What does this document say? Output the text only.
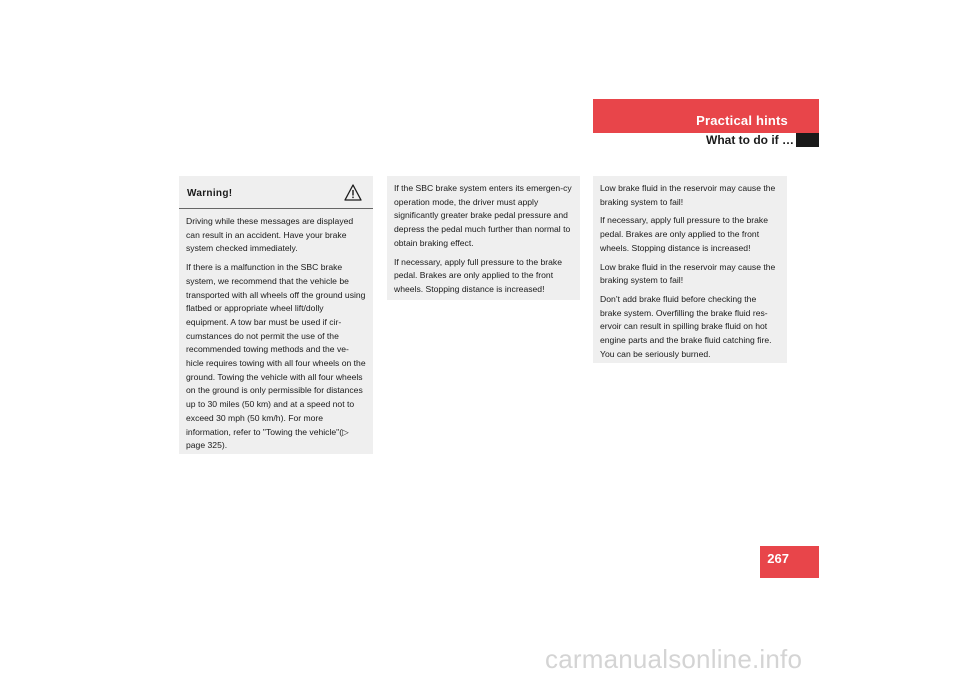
Practical hints
What to do if …
Warning!

Driving while these messages are displayed can result in an accident. Have your brake system checked immediately.

If there is a malfunction in the SBC brake system, we recommend that the vehicle be transported with all wheels off the ground using flatbed or appropriate wheel lift/dolly equipment. A tow bar must be used if cir-cumstances do not permit the use of the recommended towing methods and the ve-hicle requires towing with all four wheels on the ground. Towing the vehicle with all four wheels on the ground is only permissible for distances up to 30 miles (50 km) and at a speed not to exceed 30 mph (50 km/h). For more information, refer to "Towing the vehicle"(▷ page 325).

If the SBC brake system enters its emergen-cy operation mode, the driver must apply significantly greater brake pedal pressure and depress the pedal much further than normal to obtain braking effect.

If necessary, apply full pressure to the brake pedal. Brakes are only applied to the front wheels. Stopping distance is increased!

Low brake fluid in the reservoir may cause the braking system to fail!

If necessary, apply full pressure to the brake pedal. Brakes are only applied to the front wheels. Stopping distance is increased!

Low brake fluid in the reservoir may cause the braking system to fail!

Don’t add brake fluid before checking the brake system. Overfilling the brake fluid res-ervoir can result in spilling brake fluid on hot engine parts and the brake fluid catching fire. You can be seriously burned.

267
carmanualsonline.info
